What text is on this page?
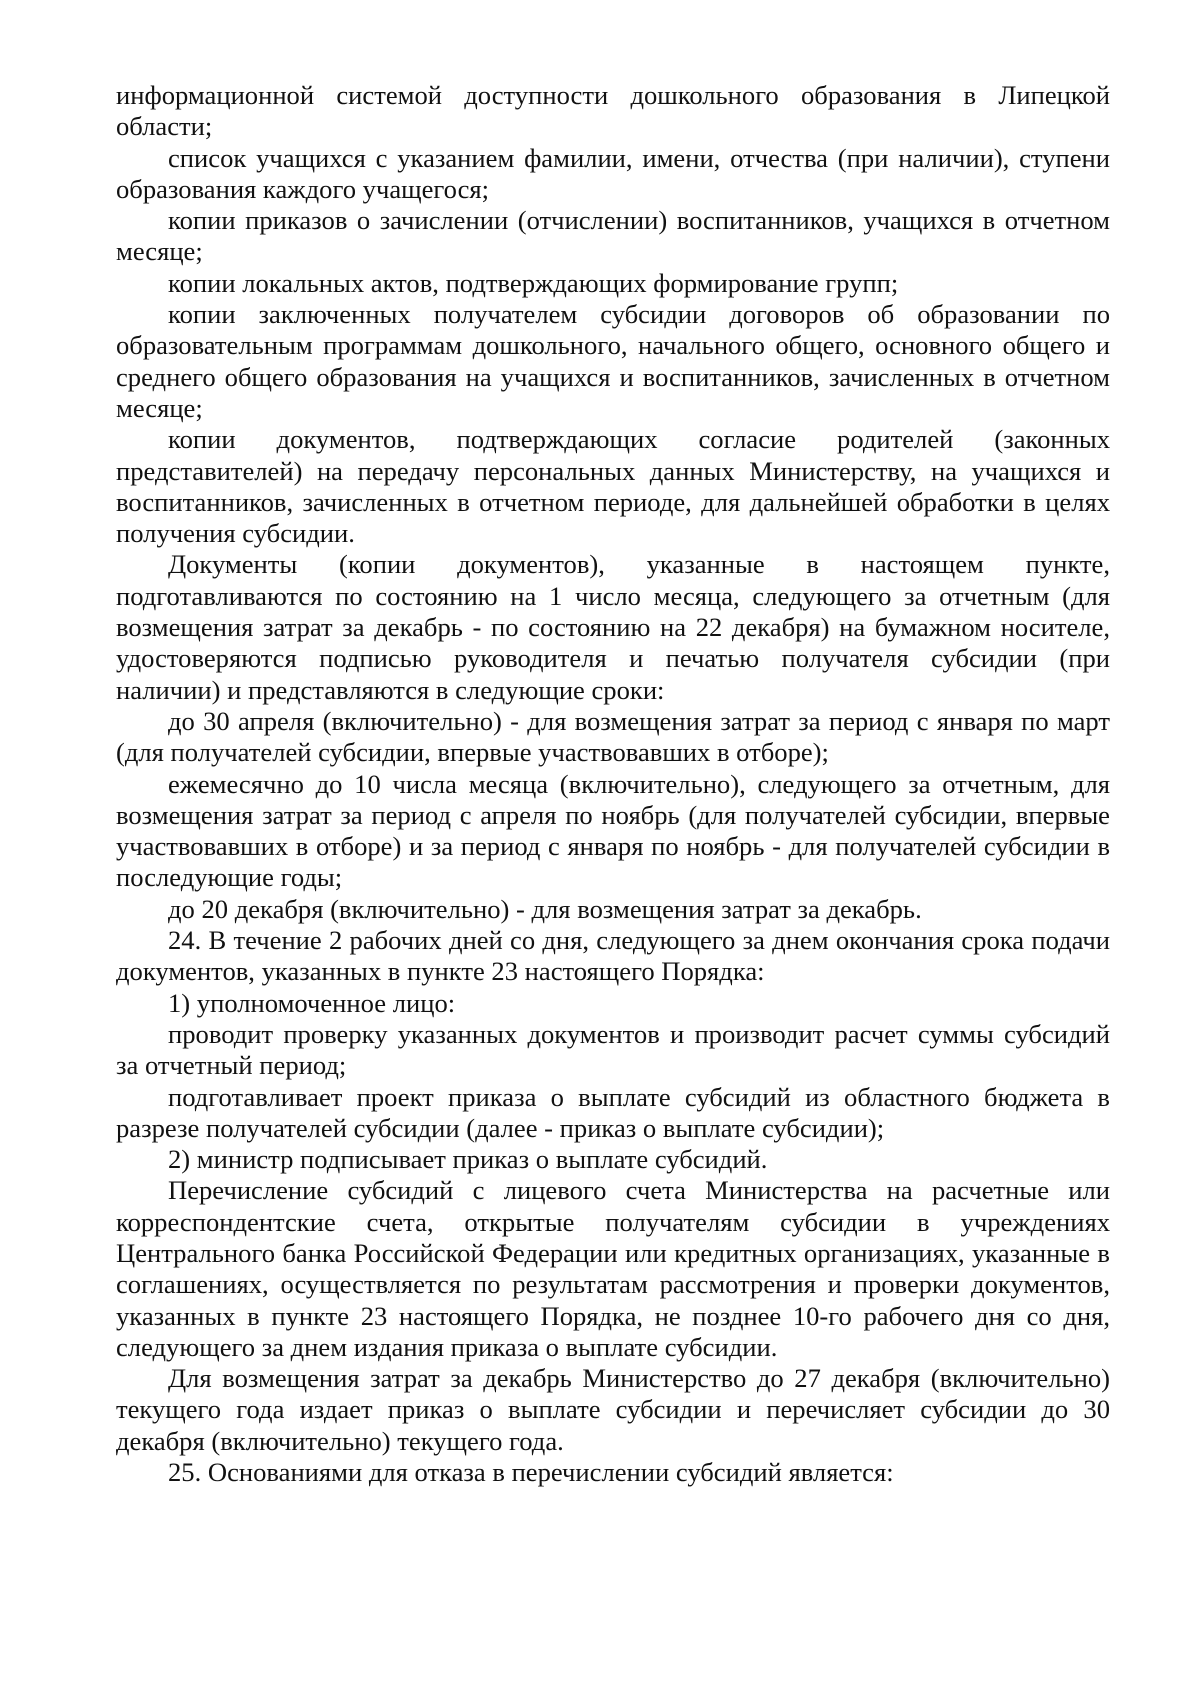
информационной системой доступности дошкольного образования в Липецкой области;

список учащихся с указанием фамилии, имени, отчества (при наличии), ступени образования каждого учащегося;

копии приказов о зачислении (отчислении) воспитанников, учащихся в отчетном месяце;

копии локальных актов, подтверждающих формирование групп;

копии заключенных получателем субсидии договоров об образовании по образовательным программам дошкольного, начального общего, основного общего и среднего общего образования на учащихся и воспитанников, зачисленных в отчетном месяце;

копии документов, подтверждающих согласие родителей (законных представителей) на передачу персональных данных Министерству, на учащихся и воспитанников, зачисленных в отчетном периоде, для дальнейшей обработки в целях получения субсидии.

Документы (копии документов), указанные в настоящем пункте, подготавливаются по состоянию на 1 число месяца, следующего за отчетным (для возмещения затрат за декабрь - по состоянию на 22 декабря) на бумажном носителе, удостоверяются подписью руководителя и печатью получателя субсидии (при наличии) и представляются в следующие сроки:

до 30 апреля (включительно) - для возмещения затрат за период с января по март (для получателей субсидии, впервые участвовавших в отборе);

ежемесячно до 10 числа месяца (включительно), следующего за отчетным, для возмещения затрат за период с апреля по ноябрь (для получателей субсидии, впервые участвовавших в отборе) и за период с января по ноябрь - для получателей субсидии в последующие годы;

до 20 декабря (включительно) - для возмещения затрат за декабрь.

24. В течение 2 рабочих дней со дня, следующего за днем окончания срока подачи документов, указанных в пункте 23 настоящего Порядка:

1) уполномоченное лицо:

проводит проверку указанных документов и производит расчет суммы субсидий за отчетный период;

подготавливает проект приказа о выплате субсидий из областного бюджета в разрезе получателей субсидии (далее - приказ о выплате субсидии);

2) министр подписывает приказ о выплате субсидий.

Перечисление субсидий с лицевого счета Министерства на расчетные или корреспондентские счета, открытые получателям субсидии в учреждениях Центрального банка Российской Федерации или кредитных организациях, указанные в соглашениях, осуществляется по результатам рассмотрения и проверки документов, указанных в пункте 23 настоящего Порядка, не позднее 10-го рабочего дня со дня, следующего за днем издания приказа о выплате субсидии.

Для возмещения затрат за декабрь Министерство до 27 декабря (включительно) текущего года издает приказ о выплате субсидии и перечисляет субсидии до 30 декабря (включительно) текущего года.

25. Основаниями для отказа в перечислении субсидий является:
